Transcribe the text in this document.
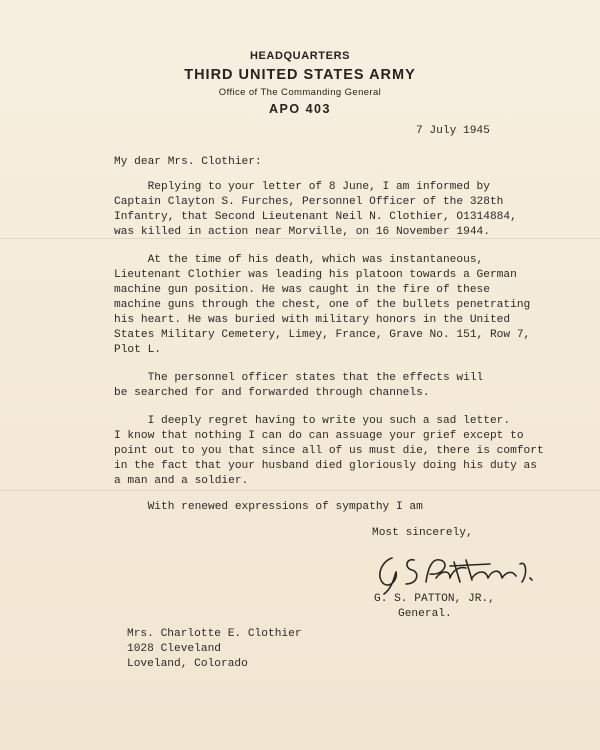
HEADQUARTERS
THIRD UNITED STATES ARMY
Office of The Commanding General
APO 403
7 July 1945
My dear Mrs. Clothier:
Replying to your letter of 8 June, I am informed by
Captain Clayton S. Furches, Personnel Officer of the 328th
Infantry, that Second Lieutenant Neil N. Clothier, O1314884,
was killed in action near Morville, on 16 November 1944.
At the time of his death, which was instantaneous,
Lieutenant Clothier was leading his platoon towards a German
machine gun position. He was caught in the fire of these
machine guns through the chest, one of the bullets penetrating
his heart. He was buried with military honors in the United
States Military Cemetery, Limey, France, Grave No. 151, Row 7,
Plot L.
The personnel officer states that the effects will
be searched for and forwarded through channels.
I deeply regret having to write you such a sad letter.
I know that nothing I can do can assuage your grief except to
point out to you that since all of us must die, there is comfort
in the fact that your husband died gloriously doing his duty as
a man and a soldier.
With renewed expressions of sympathy I am
Most sincerely,
G. S. PATTON, JR.,
General.
Mrs. Charlotte E. Clothier
1028 Cleveland
Loveland, Colorado
